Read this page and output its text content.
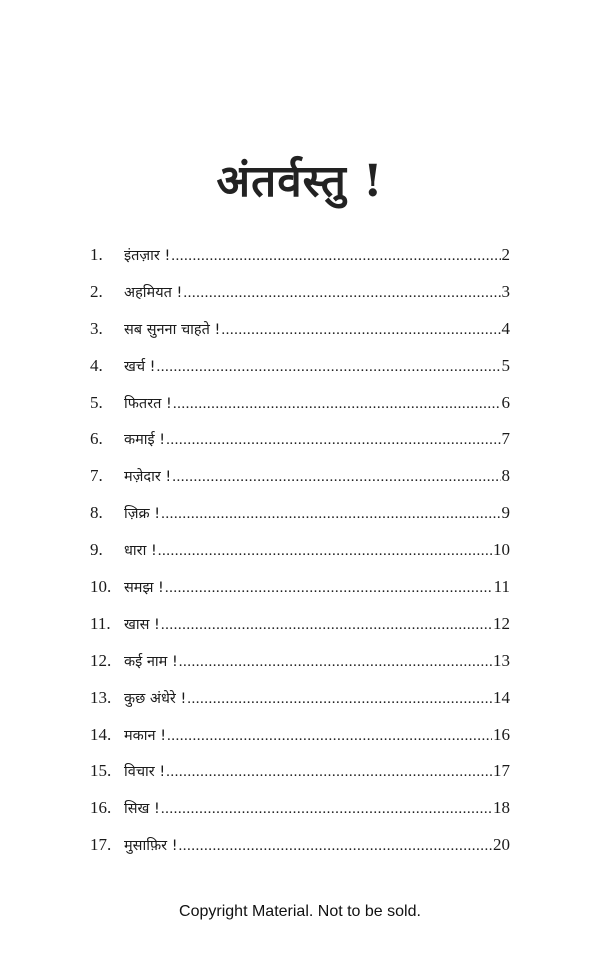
अंतर्वस्तु !
1.	इंतज़ार ! .....	2
2.	अहमियत ! .....	3
3.	सब सुनना चाहते ! .....	4
4.	खर्च ! .....	5
5.	फितरत ! .....	6
6.	कमाई ! .....	7
7.	मज़ेदार ! .....	8
8.	ज़िक्र ! .....	9
9.	धारा ! .....	10
10. समझ ! .....	11
11. खास ! .....	12
12. कई नाम ! .....	13
13. कुछ अंधेरे ! .....	14
14. मकान ! .....	16
15. विचार ! .....	17
16. सिख ! .....	18
17. मुसाफ़िर ! .....	20
Copyright Material. Not to be sold.
